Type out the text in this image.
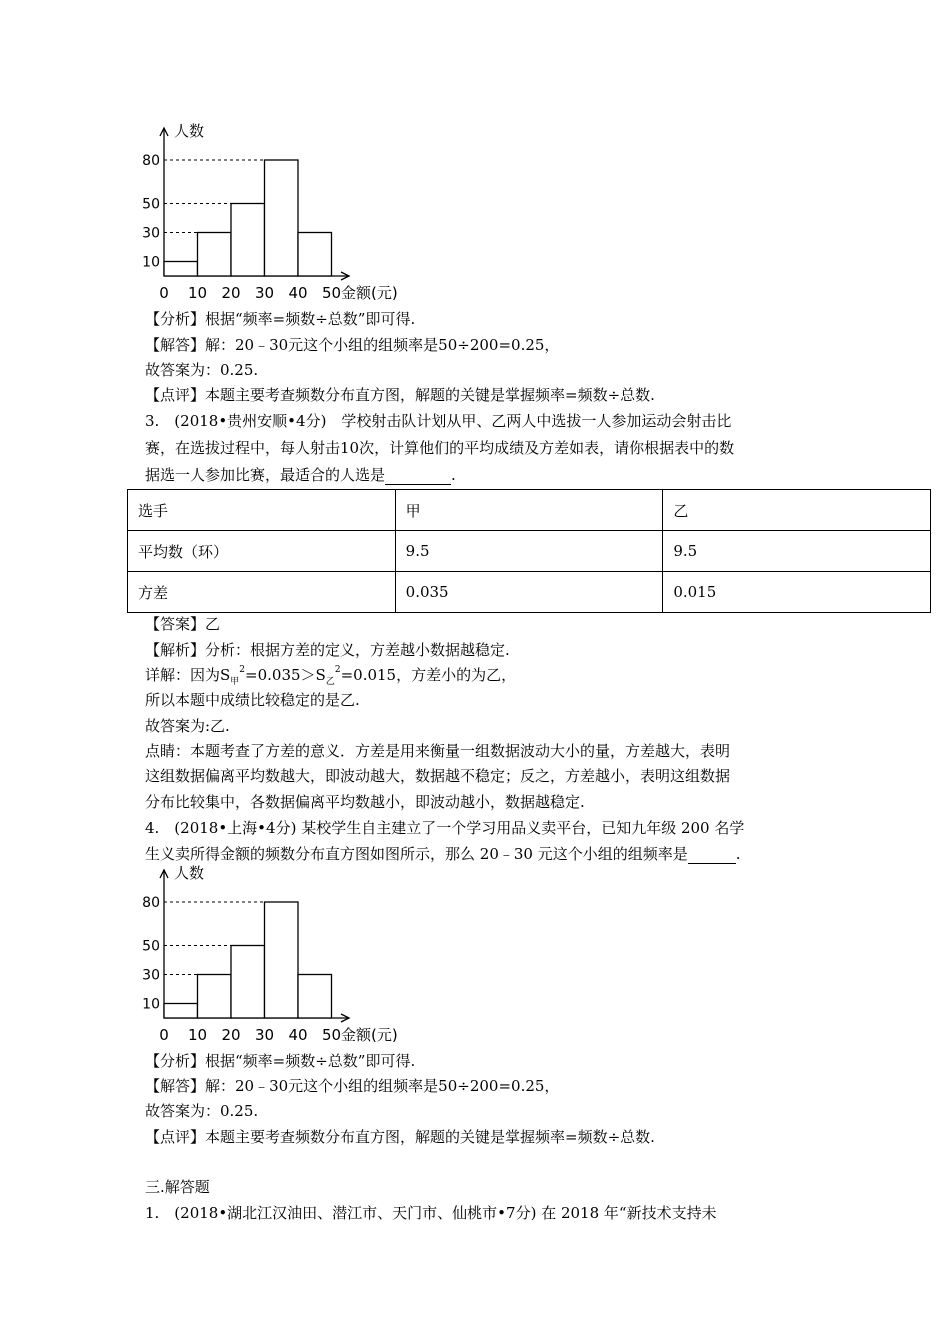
人数
金额(元)
10
30
50
80
0 10 20 30 40 50
【分析】根据“频率=频数÷总数”即可得.
【解答】解：20﹣30元这个小组的组频率是50÷200=0.25，
故答案为：0.25.
【点评】本题主要考查频数分布直方图，解题的关键是掌握频率=频数÷总数.
3.　(2018•贵州安顺•4分)　学校射击队计划从甲、乙两人中选拔一人参加运动会射击比
赛，在选拔过程中，每人射击10次，计算他们的平均成绩及方差如表，请你根据表中的数
据选一人参加比赛，最适合的人选是	.
选手	甲	乙
平均数（环）	9.5	9.5
方差	0.035	0.015
【答案】乙
【解析】分析：根据方差的定义，方差越小数据越稳定.
详解：因为$S_甲^2=0.035>S_乙^2=0.015$，方差小的为乙，
所以本题中成绩比较稳定的是乙.
故答案为:乙.
点睛：本题考查了方差的意义．方差是用来衡量一组数据波动大小的量，方差越大，表明
这组数据偏离平均数越大，即波动越大，数据越不稳定；反之，方差越小，表明这组数据
分布比较集中，各数据偏离平均数越小，即波动越小，数据越稳定.
4.　(2018•上海•4分) 某校学生自主建立了一个学习用品义卖平台，已知九年级 200 名学
生义卖所得金额的频数分布直方图如图所示，那么 20﹣30 元这个小组的组频率是	.
人数
金额(元)
10
30
50
80
0 10 20 30 40 50
【分析】根据“频率=频数÷总数”即可得.
【解答】解：20﹣30元这个小组的组频率是50÷200=0.25，
故答案为：0.25.
【点评】本题主要考查频数分布直方图，解题的关键是掌握频率=频数÷总数.
三.解答题
1.　(2018•湖北江汉油田、潜江市、天门市、仙桃市•7分) 在 2018 年“新技术支持未
